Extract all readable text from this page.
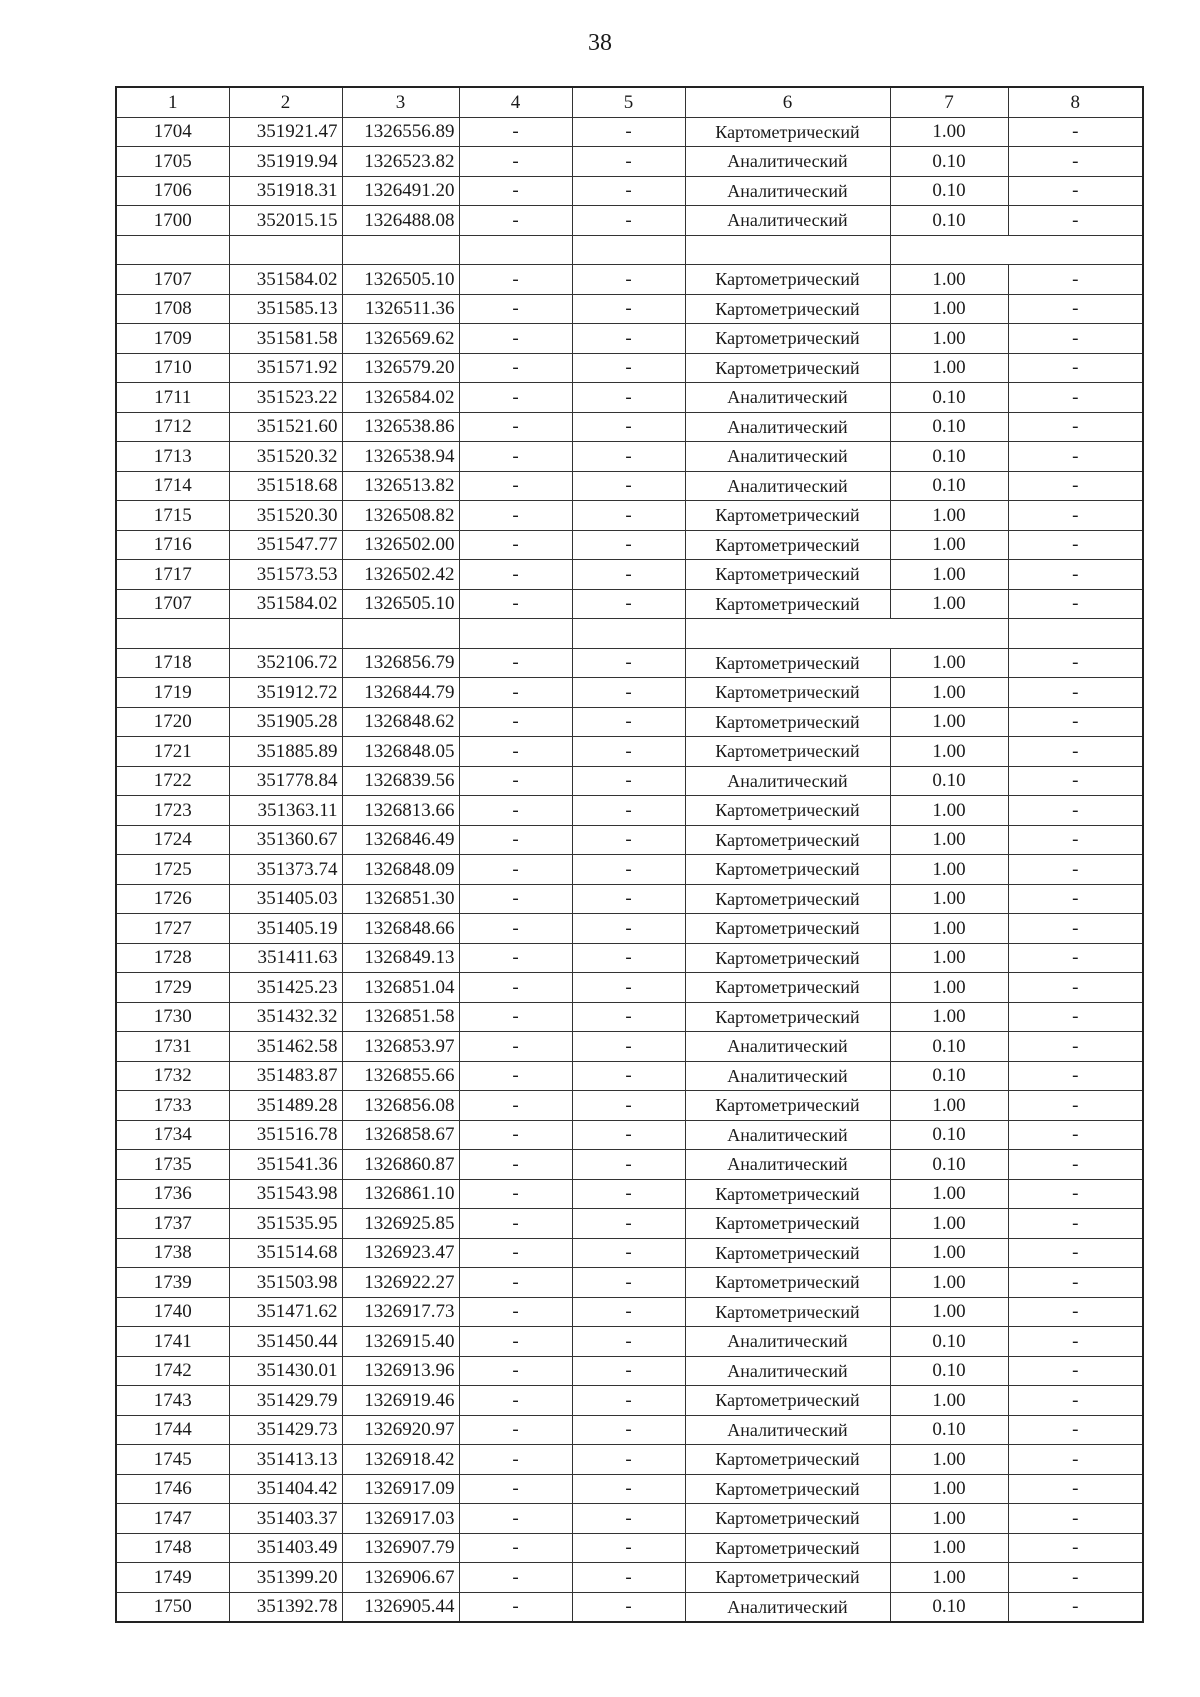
38
1	2	3	4	5	6	7	8
1704	351921.47	1326556.89	-	-	Картометрический	1.00	-
1705	351919.94	1326523.82	-	-	Аналитический	0.10	-
1706	351918.31	1326491.20	-	-	Аналитический	0.10	-
1700	352015.15	1326488.08	-	-	Аналитический	0.10	-

1707	351584.02	1326505.10	-	-	Картометрический	1.00	-
1708	351585.13	1326511.36	-	-	Картометрический	1.00	-
1709	351581.58	1326569.62	-	-	Картометрический	1.00	-
1710	351571.92	1326579.20	-	-	Картометрический	1.00	-
1711	351523.22	1326584.02	-	-	Аналитический	0.10	-
1712	351521.60	1326538.86	-	-	Аналитический	0.10	-
1713	351520.32	1326538.94	-	-	Аналитический	0.10	-
1714	351518.68	1326513.82	-	-	Аналитический	0.10	-
1715	351520.30	1326508.82	-	-	Картометрический	1.00	-
1716	351547.77	1326502.00	-	-	Картометрический	1.00	-
1717	351573.53	1326502.42	-	-	Картометрический	1.00	-
1707	351584.02	1326505.10	-	-	Картометрический	1.00	-

1718	352106.72	1326856.79	-	-	Картометрический	1.00	-
1719	351912.72	1326844.79	-	-	Картометрический	1.00	-
1720	351905.28	1326848.62	-	-	Картометрический	1.00	-
1721	351885.89	1326848.05	-	-	Картометрический	1.00	-
1722	351778.84	1326839.56	-	-	Аналитический	0.10	-
1723	351363.11	1326813.66	-	-	Картометрический	1.00	-
1724	351360.67	1326846.49	-	-	Картометрический	1.00	-
1725	351373.74	1326848.09	-	-	Картометрический	1.00	-
1726	351405.03	1326851.30	-	-	Картометрический	1.00	-
1727	351405.19	1326848.66	-	-	Картометрический	1.00	-
1728	351411.63	1326849.13	-	-	Картометрический	1.00	-
1729	351425.23	1326851.04	-	-	Картометрический	1.00	-
1730	351432.32	1326851.58	-	-	Картометрический	1.00	-
1731	351462.58	1326853.97	-	-	Аналитический	0.10	-
1732	351483.87	1326855.66	-	-	Аналитический	0.10	-
1733	351489.28	1326856.08	-	-	Картометрический	1.00	-
1734	351516.78	1326858.67	-	-	Аналитический	0.10	-
1735	351541.36	1326860.87	-	-	Аналитический	0.10	-
1736	351543.98	1326861.10	-	-	Картометрический	1.00	-
1737	351535.95	1326925.85	-	-	Картометрический	1.00	-
1738	351514.68	1326923.47	-	-	Картометрический	1.00	-
1739	351503.98	1326922.27	-	-	Картометрический	1.00	-
1740	351471.62	1326917.73	-	-	Картометрический	1.00	-
1741	351450.44	1326915.40	-	-	Аналитический	0.10	-
1742	351430.01	1326913.96	-	-	Аналитический	0.10	-
1743	351429.79	1326919.46	-	-	Картометрический	1.00	-
1744	351429.73	1326920.97	-	-	Аналитический	0.10	-
1745	351413.13	1326918.42	-	-	Картометрический	1.00	-
1746	351404.42	1326917.09	-	-	Картометрический	1.00	-
1747	351403.37	1326917.03	-	-	Картометрический	1.00	-
1748	351403.49	1326907.79	-	-	Картометрический	1.00	-
1749	351399.20	1326906.67	-	-	Картометрический	1.00	-
1750	351392.78	1326905.44	-	-	Аналитический	0.10	-
